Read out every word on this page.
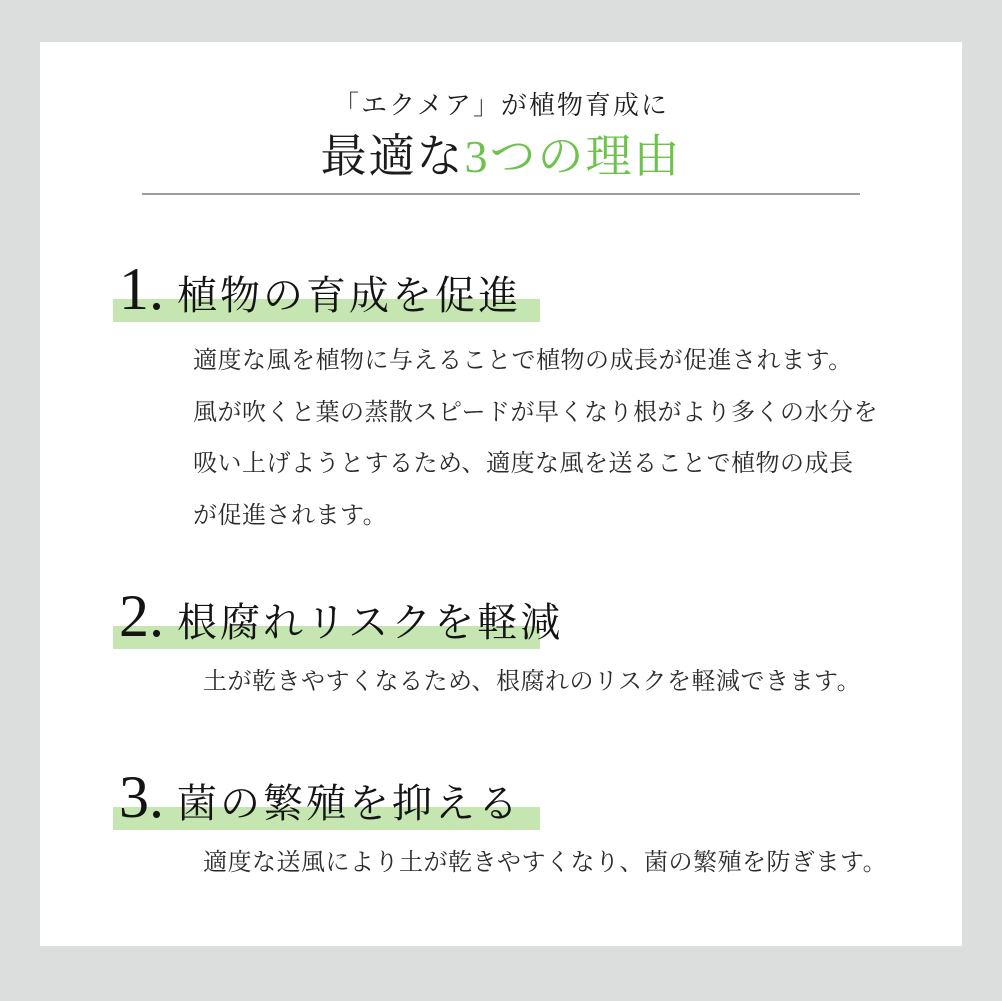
「エクメア」が植物育成に
最適な3つの理由
1. 植物の育成を促進

適度な風を植物に与えることで植物の成長が促進されます。

風が吹くと葉の蒸散スピードが早くなり根がより多くの水分を

吸い上げようとするため、適度な風を送ることで植物の成長

が促進されます。

2. 根腐れリスクを軽減

土が乾きやすくなるため、根腐れのリスクを軽減できます。

3. 菌の繁殖を抑える

適度な送風により土が乾きやすくなり、菌の繁殖を防ぎます。
